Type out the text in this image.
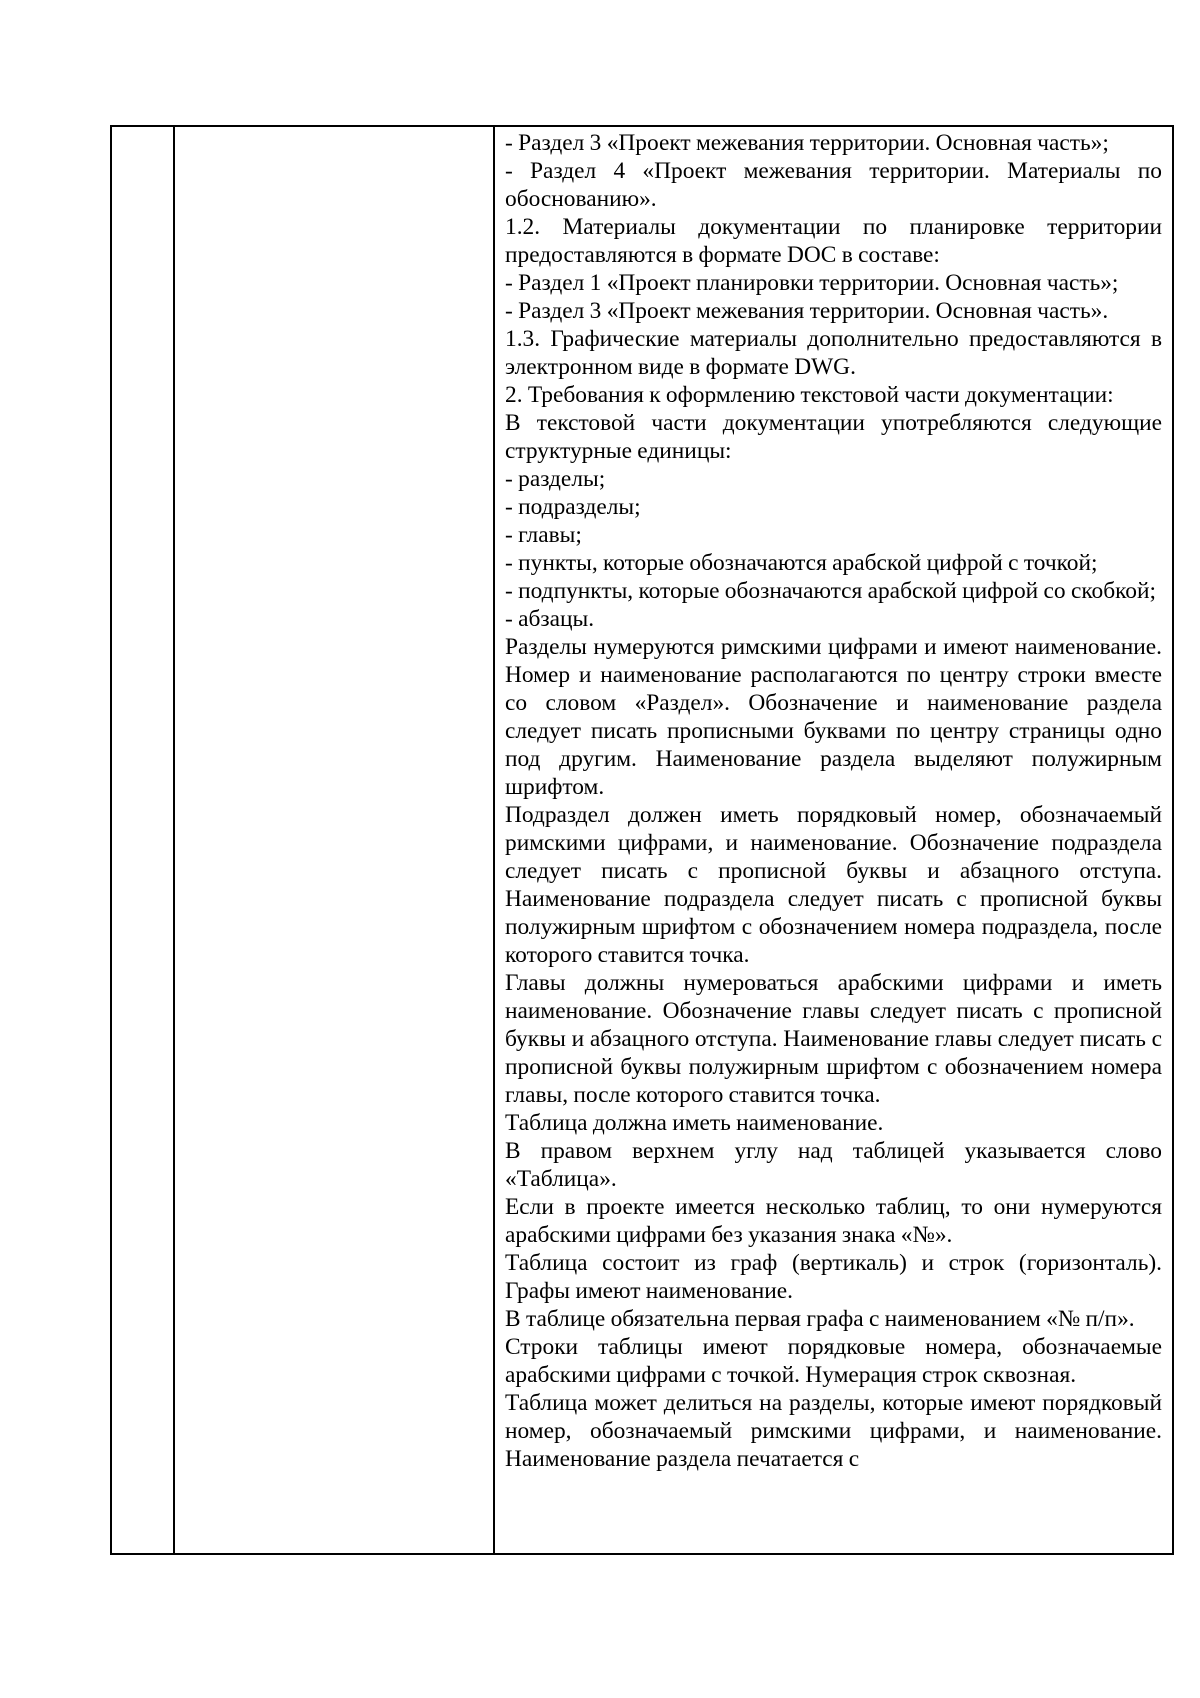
- Раздел 3 «Проект межевания территории. Основная часть»;

- Раздел 4 «Проект межевания территории. Материалы по обоснованию».

1.2. Материалы документации по планировке территории предоставляются в формате DOC в составе:

- Раздел 1 «Проект планировки территории. Основная часть»;

- Раздел 3 «Проект межевания территории. Основная часть».

1.3. Графические материалы дополнительно предоставляются в электронном виде в формате DWG.

2. Требования к оформлению текстовой части документации:

В текстовой части документации употребляются следующие структурные единицы:

- разделы;

- подразделы;

- главы;

- пункты, которые обозначаются арабской цифрой с точкой;

- подпункты, которые обозначаются арабской цифрой со скобкой;

- абзацы.

Разделы нумеруются римскими цифрами и имеют наименование. Номер и наименование располагаются по центру строки вместе со словом «Раздел». Обозначение и наименование раздела следует писать прописными буквами по центру страницы одно под другим. Наименование раздела выделяют полужирным шрифтом.

Подраздел должен иметь порядковый номер, обозначаемый римскими цифрами, и наименование. Обозначение подраздела следует писать с прописной буквы и абзацного отступа. Наименование подраздела следует писать с прописной буквы полужирным шрифтом с обозначением номера подраздела, после которого ставится точка.

Главы должны нумероваться арабскими цифрами и иметь наименование. Обозначение главы следует писать с прописной буквы и абзацного отступа. Наименование главы следует писать с прописной буквы полужирным шрифтом с обозначением номера главы, после которого ставится точка.

Таблица должна иметь наименование.

В правом верхнем углу над таблицей указывается слово «Таблица».

Если в проекте имеется несколько таблиц, то они нумеруются арабскими цифрами без указания знака «№».

Таблица состоит из граф (вертикаль) и строк (горизонталь). Графы имеют наименование.

В таблице обязательна первая графа с наименованием «№ п/п».

Строки таблицы имеют порядковые номера, обозначаемые арабскими цифрами с точкой. Нумерация строк сквозная.

Таблица может делиться на разделы, которые имеют порядковый номер, обозначаемый римскими цифрами, и наименование. Наименование раздела печатается с
